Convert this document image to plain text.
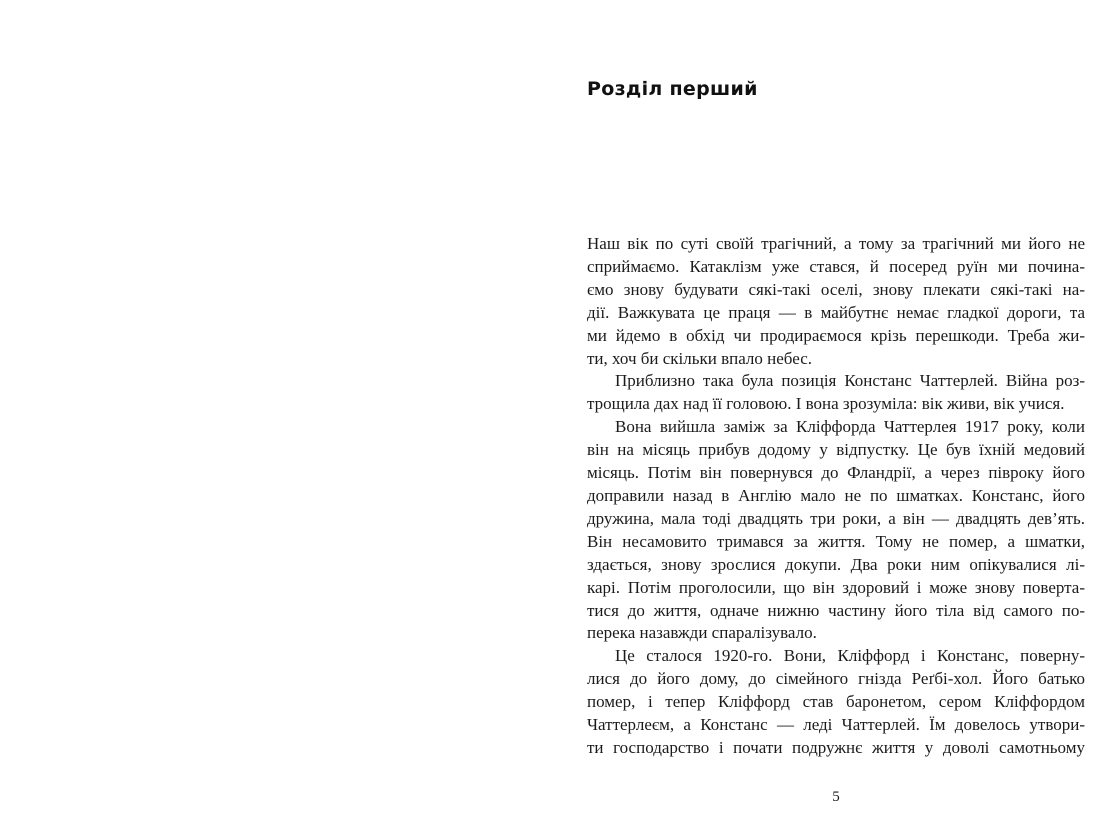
Розділ перший
Наш вік по суті своїй трагічний, а тому за трагічний ми його не
сприймаємо. Катаклізм уже стався, й посеред руїн ми почина-
ємо знову будувати сякі-такі оселі, знову плекати сякі-такі на-
дії. Важкувата це праця — в майбутнє немає гладкої дороги, та
ми йдемо в обхід чи продираємося крізь перешкоди. Треба жи-
ти, хоч би скільки впало небес.
Приблизно така була позиція Констанс Чаттерлей. Війна роз-
трощила дах над її головою. І вона зрозуміла: вік живи, вік учися.
Вона вийшла заміж за Кліффорда Чаттерлея 1917 року, коли
він на місяць прибув додому у відпустку. Це був їхній медовий
місяць. Потім він повернувся до Фландрії, а через півроку його
доправили назад в Англію мало не по шматках. Констанс, його
дружина, мала тоді двадцять три роки, а він — двадцять дев’ять.
Він несамовито тримався за життя. Тому не помер, а шматки,
здається, знову зрослися докупи. Два роки ним опікувалися лі-
карі. Потім проголосили, що він здоровий і може знову поверта-
тися до життя, одначе нижню частину його тіла від самого по-
перека назавжди спаралізувало.
Це сталося 1920-го. Вони, Кліффорд і Констанс, поверну-
лися до його дому, до сімейного гнізда Реґбі-хол. Його батько
помер, і тепер Кліффорд став баронетом, сером Кліффордом
Чаттерлеєм, а Констанс — леді Чаттерлей. Їм довелось утвори-
ти господарство і почати подружнє життя у доволі самотньому
5
